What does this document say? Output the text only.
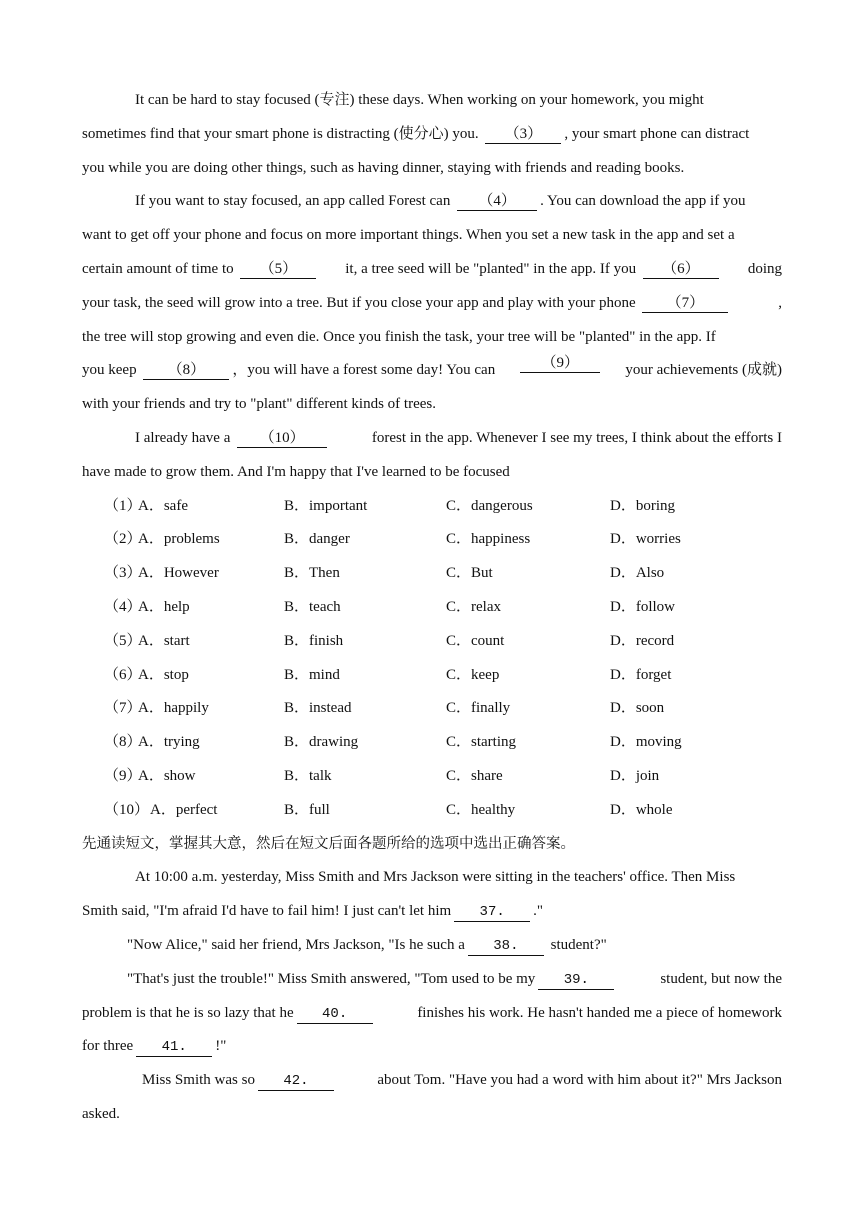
It can be hard to stay focused (专注) these days. When working on your homework, you might
sometimes find that your smart phone is distracting (使分心) you. （3） , your smart phone can distract
you while you are doing other things, such as having dinner, staying with friends and reading books.
If you want to stay focused, an app called Forest can （4） . You can download the app if you
want to get off your phone and focus on more important things. When you set a new task in the app and set a
certain amount of time to （5）	it, a tree seed will be "planted" in the app. If you （6）	doing
your task, the seed will grow into a tree. But if you close your app and play with your phone （7）	,
the tree will stop growing and even die. Once you finish the task, your tree will be "planted" in the app. If
you keep （8） ，you will have a forest some day! You can	（9）	your achievements (成就)
with your friends and try to "plant" different kinds of trees.
I already have a （10）	forest in the app. Whenever I see my trees, I think about the efforts I
have made to grow them. And I'm happy that I've learned to be focused
（1）
A．safe	B．important	C．dangerous	D．boring
（2）
A．problems	B．danger	C．happiness	D．worries
（3）
A．However	B．Then	C．But	D．Also
（4）
A．help	B．teach	C．relax	D．follow
（5）
A．start	B．finish	C．count	D．record
（6）
A．stop	B．mind	C．keep	D．forget
（7）
A．happily	B．instead	C．finally	D．soon
（8）
A．trying	B．drawing	C．starting	D．moving
（9）
A．show	B．talk	C．share	D．join
（10） A．perfect	B．full	C．healthy	D．whole
先通读短文，掌握其大意，然后在短文后面各题所给的选项中选出正确答案。
At 10:00 a.m. yesterday, Miss Smith and Mrs Jackson were sitting in the teachers' office. Then Miss
Smith said, "I'm afraid I'd have to fail him! I just can't let him 37. ."
"Now Alice," said her friend, Mrs Jackson, "Is he such a 38. student?"
"That's just the trouble!" Miss Smith answered, "Tom used to be my 39.	student, but now the
problem is that he is so lazy that he 40.	finishes his work. He hasn't handed me a piece of homework
for three 41. !"
Miss Smith was so 42.	about Tom. "Have you had a word with him about it?" Mrs Jackson
asked.
